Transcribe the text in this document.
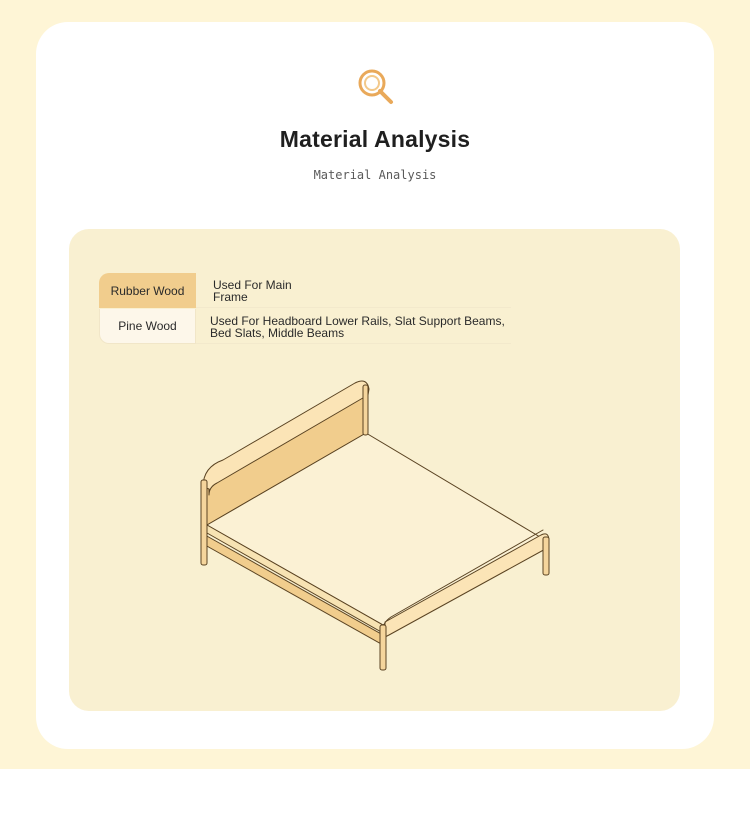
Material Analysis
Material Analysis
Rubber Wood	Used For Main Frame
Pine Wood	Used For Headboard Lower Rails, Slat Support Beams, Bed Slats, Middle Beams
